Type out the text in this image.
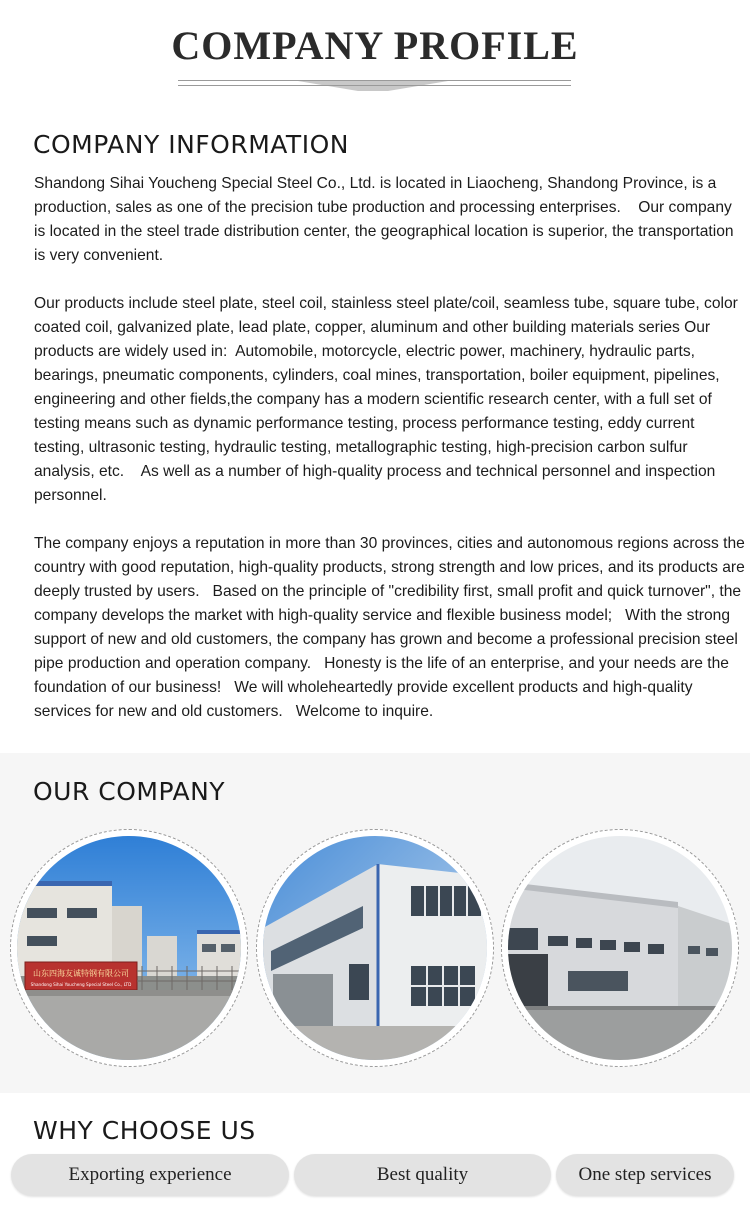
COMPANY PROFILE
COMPANY INFORMATION

Shandong Sihai Youcheng Special Steel Co., Ltd. is located in Liaocheng, Shandong Province, is a production, sales as one of the precision tube production and processing enterprises.    Our company is located in the steel trade distribution center, the geographical location is superior, the transportation is very convenient.

Our products include steel plate, steel coil, stainless steel plate/coil, seamless tube, square tube, color coated coil, galvanized plate, lead plate, copper, aluminum and other building materials series Our products are widely used in:  Automobile, motorcycle, electric power, machinery, hydraulic parts, bearings, pneumatic components, cylinders, coal mines, transportation, boiler equipment, pipelines, engineering and other fields,the company has a modern scientific research center, with a full set of testing means such as dynamic performance testing, process performance testing, eddy current testing, ultrasonic testing, hydraulic testing, metallographic testing, high-precision carbon sulfur analysis, etc.    As well as a number of high-quality process and technical personnel and inspection personnel.

The company enjoys a reputation in more than 30 provinces, cities and autonomous regions across the country with good reputation, high-quality products, strong strength and low prices, and its products are deeply trusted by users.   Based on the principle of "credibility first, small profit and quick turnover", the company develops the market with high-quality service and flexible business model;   With the strong support of new and old customers, the company has grown and become a professional precision steel pipe production and operation company.   Honesty is the life of an enterprise, and your needs are the foundation of our business!   We will wholeheartedly provide excellent products and high-quality services for new and old customers.   Welcome to inquire.

OUR COMPANY
山东四海友诚特钢有限公司
Shandong Sihai Youcheng Special Steel Co., LTD
WHY CHOOSE US
Exporting experience	Best quality	One step services
